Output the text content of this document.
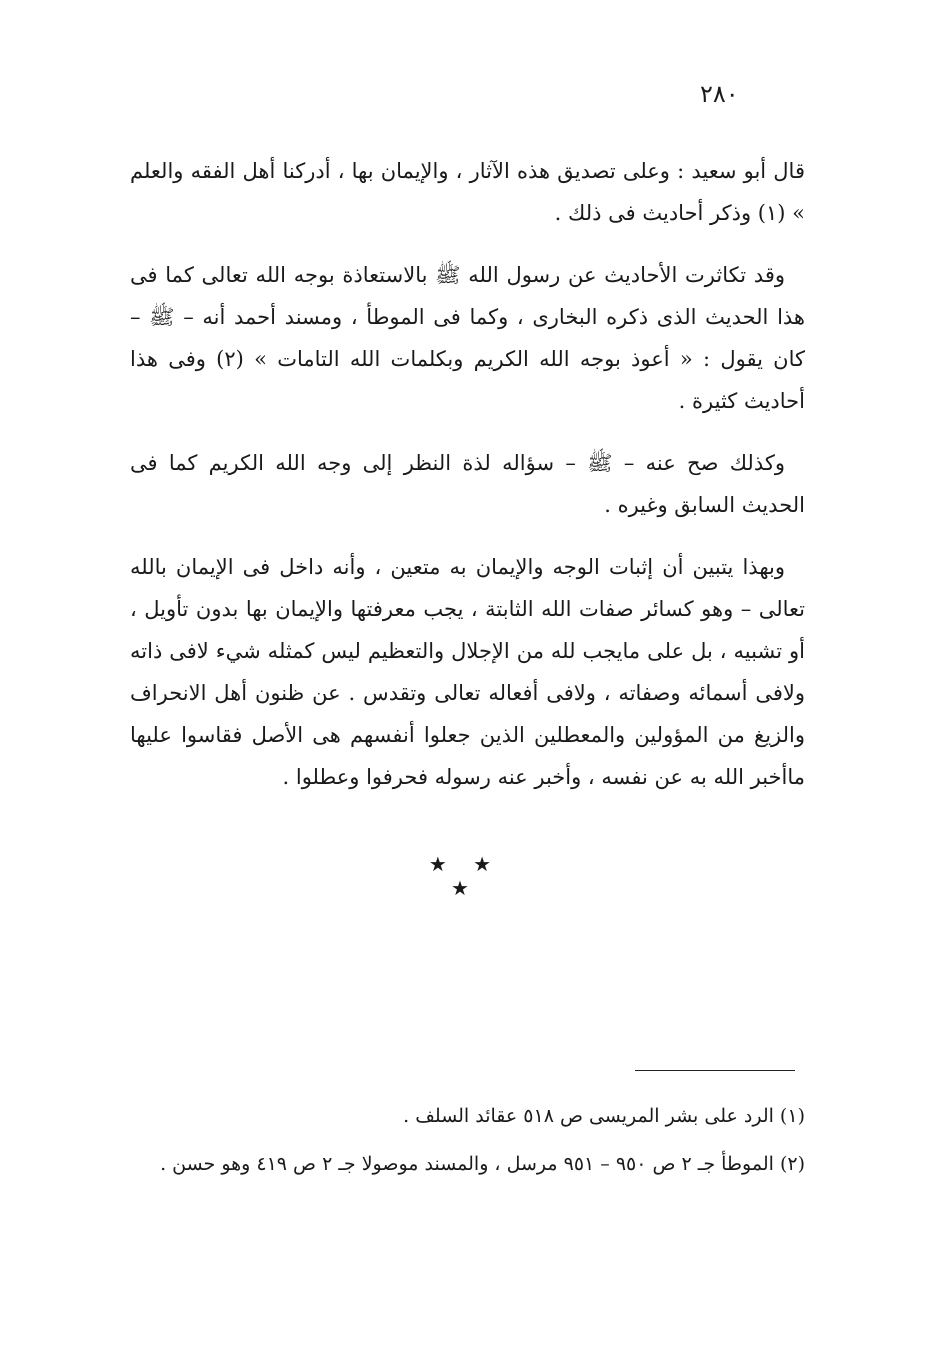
٢٨٠

قال أبو سعيد : وعلى تصديق هذه الآثار ، والإيمان بها ، أدركنا أهل الفقه والعلم » (١) وذكر أحاديث فى ذلك .

وقد تكاثرت الأحاديث عن رسول الله ﷺ بالاستعاذة بوجه الله تعالى كما فى هذا الحديث الذى ذكره البخارى ، وكما فى الموطأ ، ومسند أحمد أنه – ﷺ – كان يقول : « أعوذ بوجه الله الكريم وبكلمات الله التامات » (٢) وفى هذا أحاديث كثيرة .

وكذلك صح عنه – ﷺ – سؤاله لذة النظر إلى وجه الله الكريم كما فى الحديث السابق وغيره .

وبهذا يتبين أن إثبات الوجه والإيمان به متعين ، وأنه داخل فى الإيمان بالله تعالى – وهو كسائر صفات الله الثابتة ، يجب معرفتها والإيمان بها بدون تأويل ، أو تشبيه ، بل على مايجب لله من الإجلال والتعظيم ليس كمثله شيء لافى ذاته ولافى أسمائه وصفاته ، ولافى أفعاله تعالى وتقدس . عن ظنون أهل الانحراف والزيغ من المؤولين والمعطلين الذين جعلوا أنفسهم هى الأصل فقاسوا عليها ماأخبر الله به عن نفسه ، وأخبر عنه رسوله فحرفوا وعطلوا .

★ ★ ★

(١) الرد على بشر المريسى ص ٥١٨ عقائد السلف .

(٢) الموطأ جـ ٢ ص ٩٥٠ – ٩٥١ مرسل ، والمسند موصولا جـ ٢ ص ٤١٩ وهو حسن .
